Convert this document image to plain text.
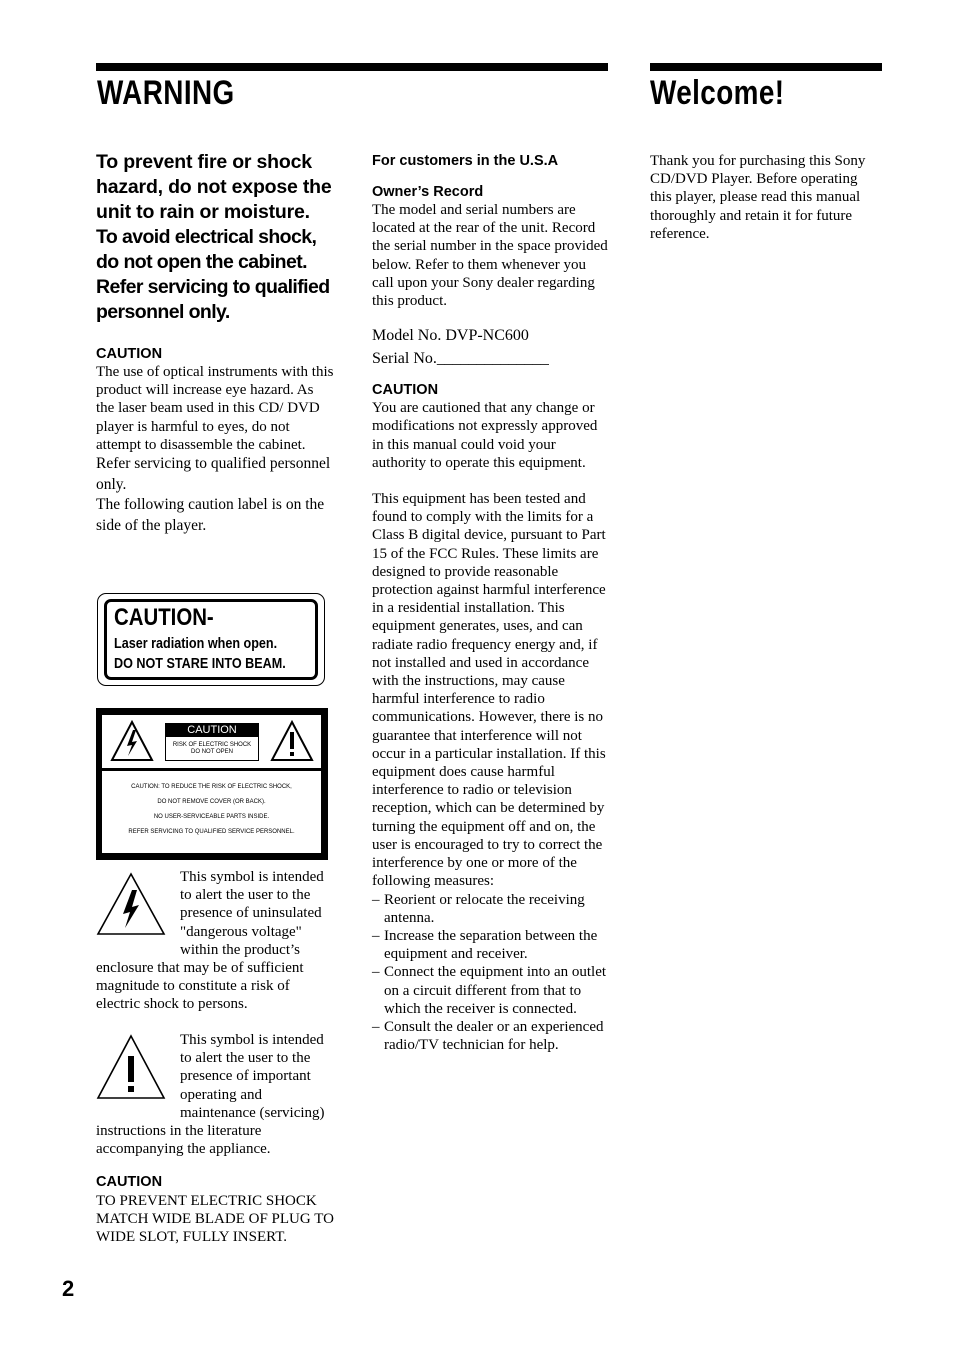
WARNING	Welcome!
To prevent fire or shock hazard, do not expose the unit to rain or moisture.
To avoid electrical shock, do not open the cabinet. Refer servicing to qualified personnel only.
CAUTION
The use of optical instruments with this product will increase eye hazard. As the laser beam used in this CD/ DVD player is harmful to eyes, do not attempt to disassemble the cabinet.
Refer servicing to qualified personnel only.
The following caution label is on the side of the player.
CAUTION-
Laser radiation when open.
DO NOT STARE INTO BEAM.
CAUTION
RISK OF ELECTRIC SHOCK
DO NOT OPEN
CAUTION: TO REDUCE THE RISK OF ELECTRIC SHOCK,
DO NOT REMOVE COVER (OR BACK).
NO USER-SERVICEABLE PARTS INSIDE.
REFER SERVICING TO QUALIFIED SERVICE PERSONNEL.
This symbol is intended to alert the user to the presence of uninsulated "dangerous voltage" within the product’s
enclosure that may be of sufficient magnitude to constitute a risk of electric shock to persons.
This symbol is intended to alert the user to the presence of important operating and maintenance (servicing)
instructions in the literature accompanying the appliance.
CAUTION
TO PREVENT ELECTRIC SHOCK MATCH WIDE BLADE OF PLUG TO WIDE SLOT, FULLY INSERT.
For customers in the U.S.A
Owner’s Record
The model and serial numbers are located at the rear of the unit. Record the serial number in the space provided below. Refer to them whenever you call upon your Sony dealer regarding this product.
Model No. DVP-NC600
Serial No.______________
CAUTION
You are cautioned that any change or modifications not expressly approved in this manual could void your authority to operate this equipment.
This equipment has been tested and found to comply with the limits for a Class B digital device, pursuant to Part 15 of the FCC Rules. These limits are designed to provide reasonable protection against harmful interference in a residential installation. This equipment generates, uses, and can radiate radio frequency energy and, if not installed and used in accordance with the instructions, may cause harmful interference to radio communications. However, there is no guarantee that interference will not occur in a particular installation. If this equipment does cause harmful interference to radio or television reception, which can be determined by turning the equipment off and on, the user is encouraged to try to correct the interference by one or more of the following measures:
– Reorient or relocate the receiving antenna.
– Increase the separation between the equipment and receiver.
– Connect the equipment into an outlet on a circuit different from that to which the receiver is connected.
– Consult the dealer or an experienced radio/TV technician for help.
Thank you for purchasing this Sony CD/DVD Player. Before operating this player, please read this manual thoroughly and retain it for future reference.
2
